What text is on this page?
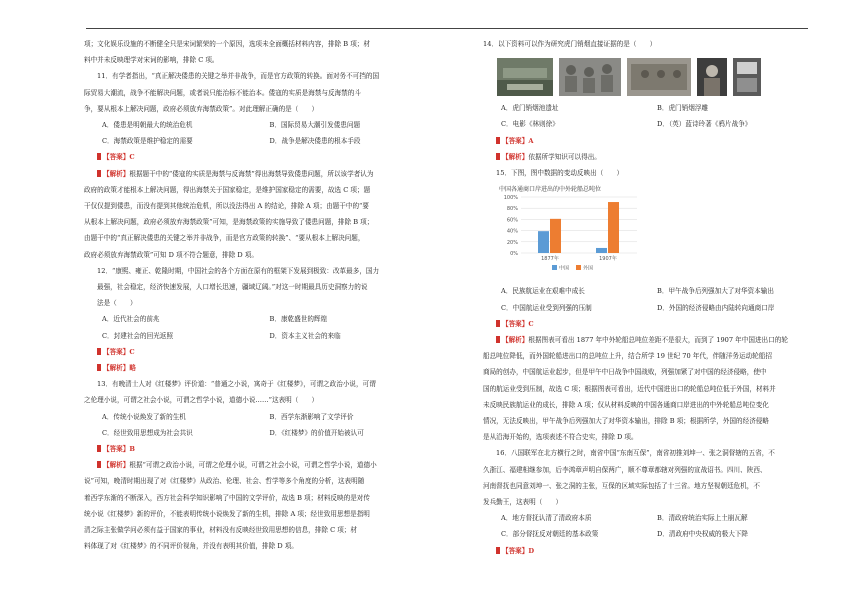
项；文化娱乐设施的不断健全只是宋词繁荣的一个原因，选项未全面概括材料内容，排除 B 项；材

料中并未反映理学对宋词的影响，排除 C 项。

11．有学者指出，“真正解决倭患的关键之举并非战争，而是官方政策的转换。面对务不可挡的国

际贸易大潮流，战争不能解决问题，或者说只能治标不能治本。倭寇的实质是海禁与反海禁的斗

争，要从根本上解决问题，政府必须放弃海禁政策”。对此理解正确的是（　　）

A．倭患是明朝最大的统治危机	B．国际贸易大潮引发倭患问题
C．海禁政策是维护稳定的需要	D．战争是解决倭患的根本手段

【答案】C

【解析】根据题干中的“倭寇的实质是海禁与反海禁”得出海禁导致倭患问题，所以该学者认为

政府的政策才能根本上解决问题，得出海禁关于国家稳定，是维护国家稳定的需要，故选 C 项；题

干仅仅提到倭患，而没有提到其他统治危机，所以没法得出 A 的结论，排除 A 项；由题干中的“要

从根本上解决问题，政府必须放弃海禁政策”可知，是海禁政策的实施导致了倭患问题，排除 B 项；

由题干中的“真正解决倭患的关键之举并非战争，而是官方政策的转换”、“要从根本上解决问题，

政府必须放弃海禁政策”可知 D 项不符合题意，排除 D 项。

12．“康熙、雍正、乾隆时期，中国社会的各个方面在原有的框架下发展到极致：改革最多，国力

最强，社会稳定，经济快速发展，人口增长迅速，疆域辽阔。”对这一时期最具历史洞察力的说

法是（　　）

A．近代社会的前兆	B．康乾盛世的辉煌
C．封建社会的回光返照	D．资本主义社会的来临

【答案】C

【解析】略

13．有晚清士人对《红楼梦》评价道：“普通之小说，寓奇于《红楼梦》，可谓之政治小说，可谓

之伦理小说，可谓之社会小说，可谓之哲学小说，道德小说……”这表明（　　）

A．传统小说焕发了新的生机	B．西学东渐影响了文学评价
C．经世致用思想成为社会共识	D．《红楼梦》的价值开始被认可

【答案】B

【解析】根据“可谓之政治小说，可谓之伦理小说，可谓之社会小说，可谓之哲学小说，道德小

说”可知，晚清时期出现了对《红楼梦》从政治、伦理、社会、哲学等多个角度的分析，这表明随

着西学东渐的不断深入，西方社会科学知识影响了中国的文学评价，故选 B 项；材料反映的是对传

统小说《红楼梦》新的评价，不能表明传统小说焕发了新的生机，排除 A 项；经世致用思想是指明

清之际主张做学问必须有益于国家的事业，材料没有反映经世致用思想的信息，排除 C 项；材

料体现了对《红楼梦》的不同评价视角，并没有表明其价值，排除 D 项。

14．以下资料可以作为研究虎门销烟直接证据的是（　　）

A．虎门销烟池遗址	B．虎门销烟浮雕
C．电影《林则徐》	D．（英）蓝诗玲著《鸦片战争》

【答案】A

【解析】依据所学知识可以得出。

15．下图，图中数据的变动反映出（　　）

中国各通商口岸进出的中外轮船总吨位
0%
20%
40%
60%
80%
100%
1877年	1907年
中国	外国
A．民族航运业在艰难中成长	B．甲午战争后列强加大了对华资本输出
C．中国航运业受到列强的压制	D．外国的经济侵略由内陆转向通商口岸

【答案】C

【解析】根据图表可看出 1877 年中外轮船总吨位差距不是很大，而到了 1907 年中国进出口的轮

船总吨位降低，而外国轮船进出口的总吨位上升，结合所学 19 世纪 70 年代，伴随洋务运动轮船招

商局的创办，中国航运业起步，但是甲午中日战争中国战败，列强加紧了对中国的经济侵略，使中

国的航运业受到压制，故选 C 项；根据图表可看出，近代中国进出口的轮船总吨位低于外国，材料并

未反映民族航运业的成长，排除 A 项；仅从材料反映的中国各通商口岸进出的中外轮船总吨位变化

情况，无法反映出，甲午战争后列强加大了对华资本输出，排除 B 项；根据所学，外国的经济侵略

是从沿海开始的，选项表述不符合史实，排除 D 项。

16．八国联军在北方横行之时，南省中国“东南互保”，南省初推刘坤一、张之洞督辖的五省，不

久浙江、福建相继参加，后李鸿章声明自保两广，顺不尊章都辖对列强的宣战诏书。四川、陕西、

河南督抚也同意刘坤一、张之洞的主张，互保的区域实际包括了十三省。地方坚视朝廷危机，不

发兵勤王，这表明（　　）

A．地方督抚认清了清政府本质	B．清政府统治实际上土崩瓦解
C．部分督抚反对朝廷的基本政策	D．清政府中央权威的极大下降

【答案】D
